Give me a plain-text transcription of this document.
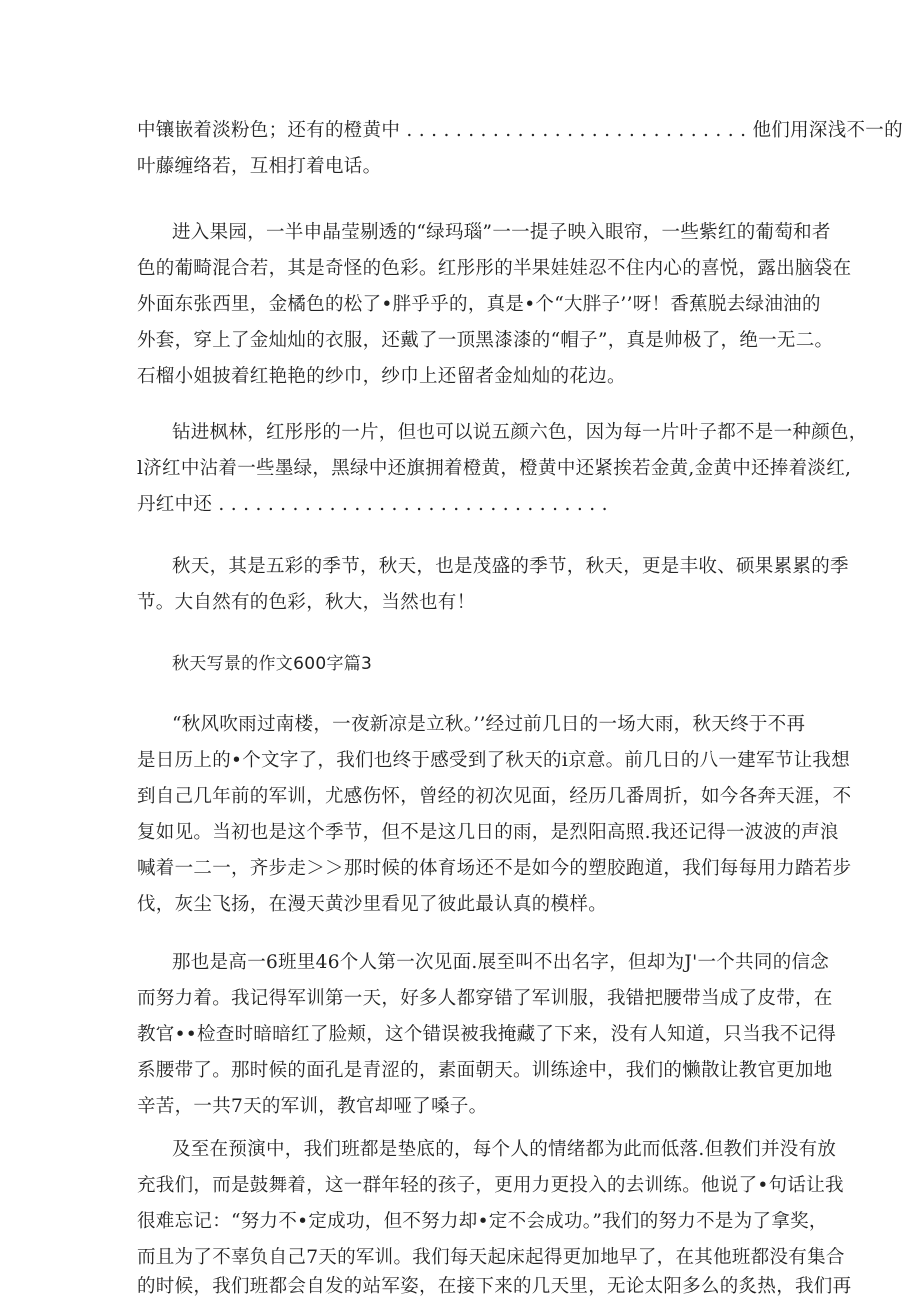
中镶嵌着淡粉色；还有的橙黄中 . . . . . . . . . . . . . . . . . . . . . . . . . . . . 他们用深浅不一的
叶藤缠络若，互相打着电话。
进入果园，一半申晶莹剔透的“绿玛瑙”一一提子映入眼帘，一些紫红的葡萄和者
色的葡畸混合若，其是奇怪的色彩。红彤彤的半果娃娃忍不住内心的喜悦，露出脑袋在
外面东张西里，金橘色的松了•胖乎乎的，真是•个“大胖子’’呀！香蕉脱去绿油油的
外套，穿上了金灿灿的衣服，还戴了一顶黑漆漆的“帽子”，真是帅极了，绝一无二。
石榴小姐披着红艳艳的纱巾，纱巾上还留者金灿灿的花边。
钻进枫林，红彤彤的一片，但也可以说五颜六色，因为每一片叶子都不是一种颜色，
l济红中沾着一些墨绿，黑绿中还旗拥着橙黄，橙黄中还紧挨若金黄,金黄中还捧着淡红,
丹红中还 . . . . . . . . . . . . . . . . . . . . . . . . . . . . . . . .
秋天，其是五彩的季节，秋天，也是茂盛的季节，秋天，更是丰收、硕果累累的季
节。大自然有的色彩，秋大，当然也有！
秋天写景的作文600字篇3
“秋风吹雨过南楼，一夜新凉是立秋。’’经过前几日的一场大雨，秋天终于不再
是日历上的•个文字了，我们也终于感受到了秋天的i京意。前几日的八一建军节让我想
到自己几年前的军训，尤感伤怀，曾经的初次见面，经历几番周折，如今各奔天涯，不
复如见。当初也是这个季节，但不是这几日的雨，是烈阳高照.我还记得一波波的声浪
喊着一二一，齐步走＞＞那时候的体育场还不是如今的塑胶跑道，我们每每用力踏若步
伐，灰尘飞扬，在漫天黄沙里看见了彼此最认真的模样。
那也是高一6班里46个人第一次见面.展至叫不出名字，但却为J'一个共同的信念
而努力着。我记得军训第一天，好多人都穿错了军训服，我错把腰带当成了皮带，在
教官••检查时暗暗红了脸颊，这个错误被我掩藏了下来，没有人知道，只当我不记得
系腰带了。那时候的面孔是青涩的，素面朝天。训练途中，我们的懒散让教官更加地
辛苦，一共7天的军训，教官却哑了嗓子。
及至在预演中，我们班都是垫底的，每个人的情绪都为此而低落.但教们并没有放
充我们，而是鼓舞着，这一群年轻的孩子，更用力更投入的去训练。他说了•句话让我
很难忘记：“努力不•定成功，但不努力却•定不会成功。”我们的努力不是为了拿奖，
而且为了不辜负自己7天的军训。我们每天起床起得更加地早了，在其他班都没有集合
的时候，我们班都会自发的站军姿，在接下来的几天里，无论太阳多么的炙热，我们再
